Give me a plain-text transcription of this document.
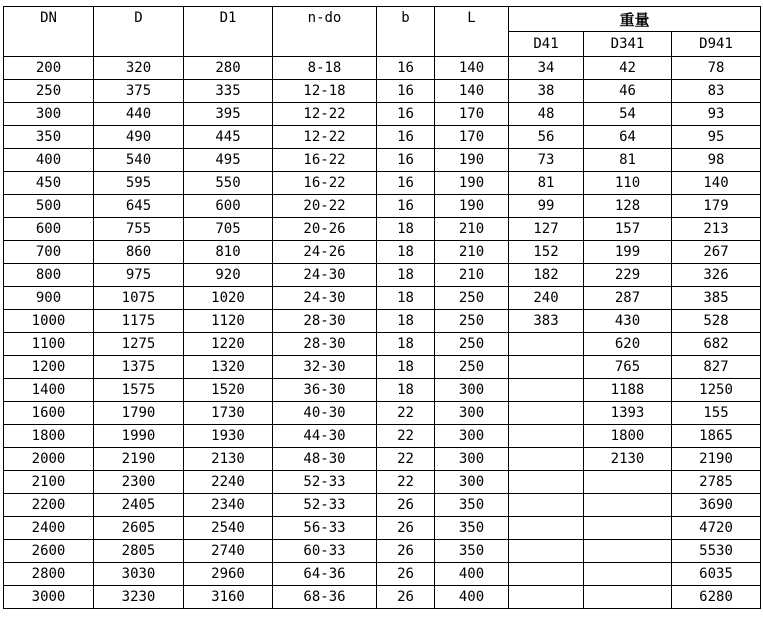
DN	D	D1	n-do	b	L	重量		
						D41	D341	D941
200	320	280	8-18	16	140	34	42	78
250	375	335	12-18	16	140	38	46	83
300	440	395	12-22	16	170	48	54	93
350	490	445	12-22	16	170	56	64	95
400	540	495	16-22	16	190	73	81	98
450	595	550	16-22	16	190	81	110	140
500	645	600	20-22	16	190	99	128	179
600	755	705	20-26	18	210	127	157	213
700	860	810	24-26	18	210	152	199	267
800	975	920	24-30	18	210	182	229	326
900	1075	1020	24-30	18	250	240	287	385
1000	1175	1120	28-30	18	250	383	430	528
1100	1275	1220	28-30	18	250		620	682
1200	1375	1320	32-30	18	250		765	827
1400	1575	1520	36-30	18	300		1188	1250
1600	1790	1730	40-30	22	300		1393	155
1800	1990	1930	44-30	22	300		1800	1865
2000	2190	2130	48-30	22	300		2130	2190
2100	2300	2240	52-33	22	300			2785
2200	2405	2340	52-33	26	350			3690
2400	2605	2540	56-33	26	350			4720
2600	2805	2740	60-33	26	350			5530
2800	3030	2960	64-36	26	400			6035
3000	3230	3160	68-36	26	400			6280
